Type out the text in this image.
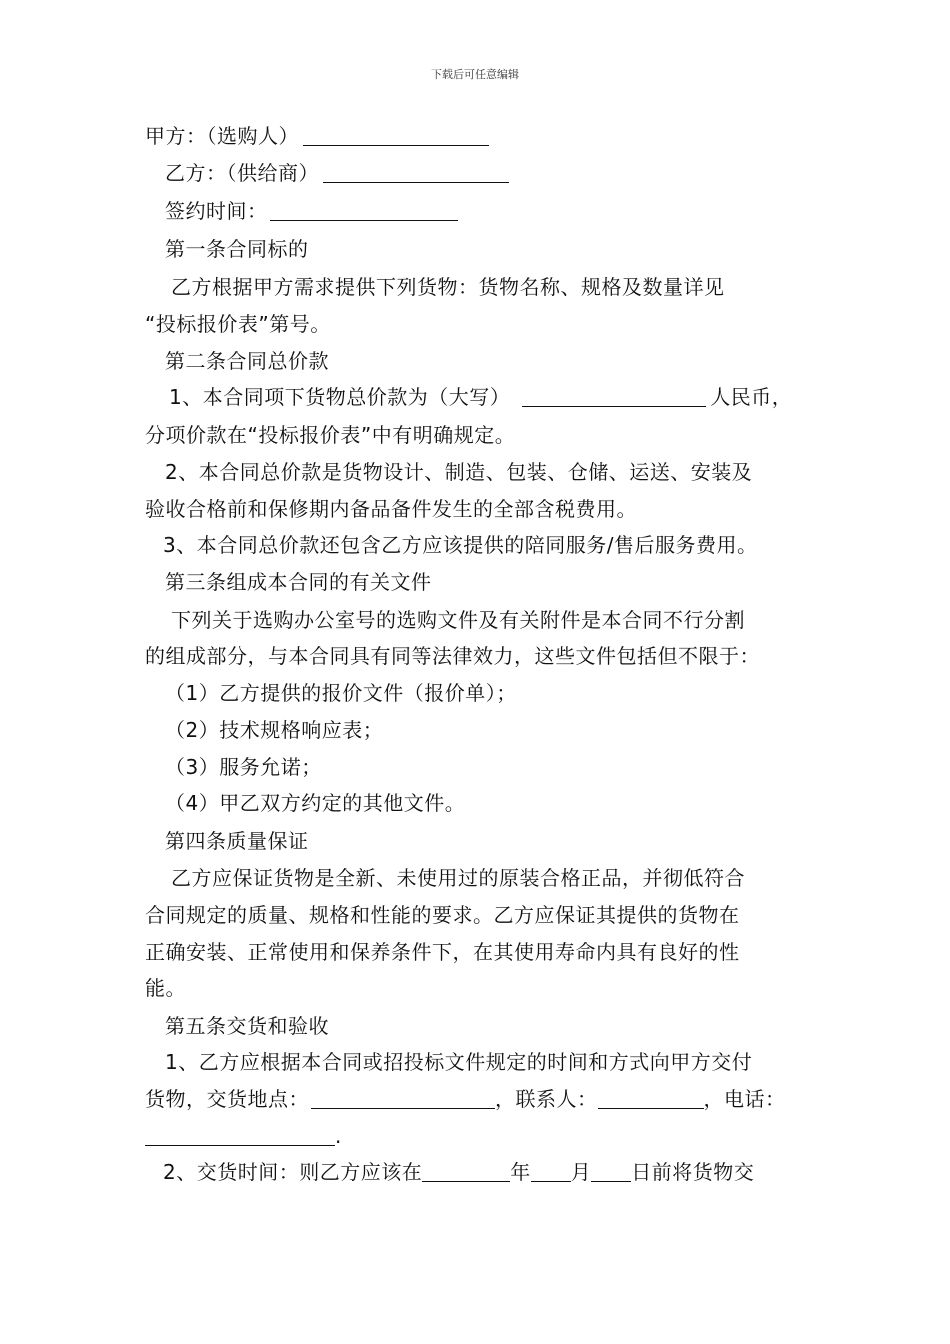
下载后可任意编辑
甲方：（选购人）
乙方：（供给商）
签约时间：
第一条合同标的
乙方根据甲方需求提供下列货物：货物名称、规格及数量详见
“投标报价表”第号。
第二条合同总价款
1、本合同项下货物总价款为（大写）	人民币，
分项价款在“投标报价表”中有明确规定。
2、本合同总价款是货物设计、制造、包装、仓储、运送、安装及
验收合格前和保修期内备品备件发生的全部含税费用。
3、本合同总价款还包含乙方应该提供的陪同服务/售后服务费用。
第三条组成本合同的有关文件
下列关于选购办公室号的选购文件及有关附件是本合同不行分割
的组成部分，与本合同具有同等法律效力，这些文件包括但不限于：
（1）乙方提供的报价文件（报价单）；
（2）技术规格响应表；
（3）服务允诺；
（4）甲乙双方约定的其他文件。
第四条质量保证
乙方应保证货物是全新、未使用过的原装合格正品，并彻低符合
合同规定的质量、规格和性能的要求。乙方应保证其提供的货物在
正确安装、正常使用和保养条件下，在其使用寿命内具有良好的性
能。
第五条交货和验收
1、乙方应根据本合同或招投标文件规定的时间和方式向甲方交付
货物，交货地点：	，联系人：	，电话：
.
2、交货时间：则乙方应该在	年 月 日前将货物交
